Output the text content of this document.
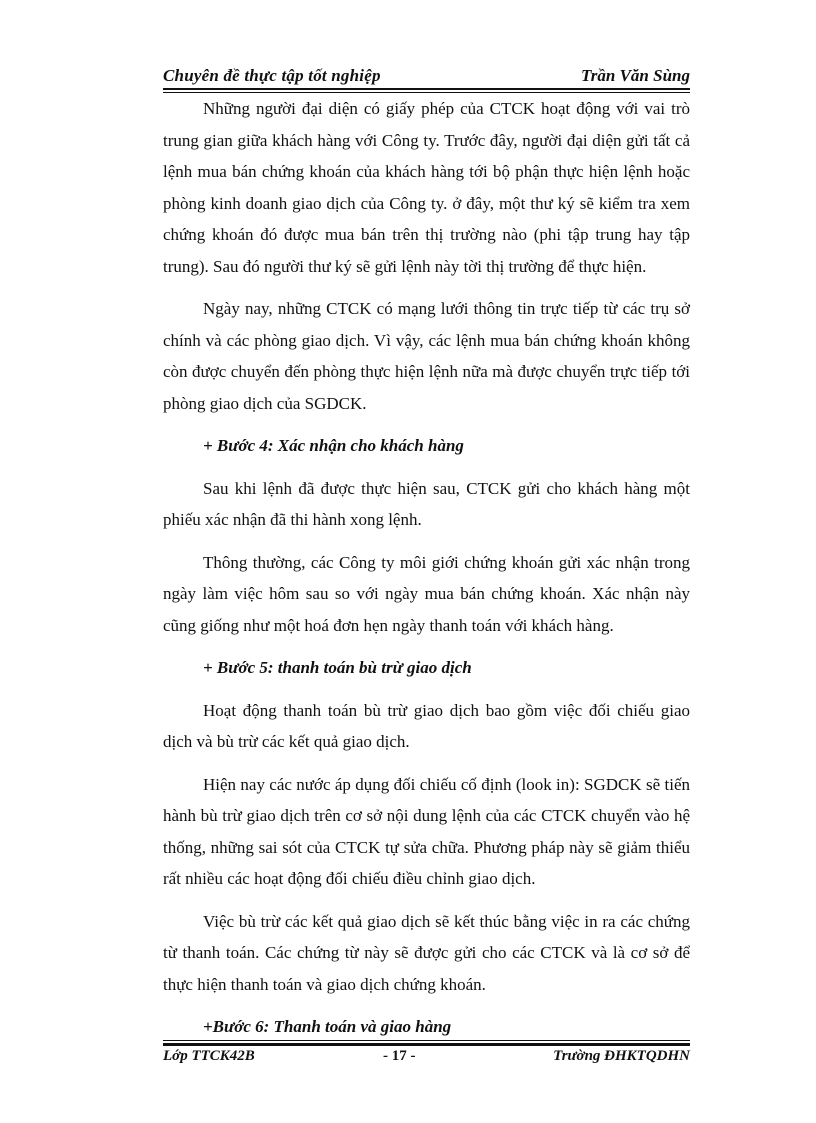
Chuyên đề thực tập tốt nghiệp	Trần Văn Sùng

Những người đại diện có giấy phép của CTCK hoạt động với vai trò trung gian giữa khách hàng với Công ty. Trước đây, người đại diện gửi tất cả lệnh mua bán chứng khoán của khách hàng tới bộ phận thực hiện lệnh hoặc phòng kinh doanh giao dịch của Công ty. ở đây, một thư ký sẽ kiểm tra xem chứng khoán đó được mua bán trên thị trường nào (phi tập trung hay tập trung). Sau đó người thư ký sẽ gửi lệnh này tời thị trường để thực hiện.

Ngày nay, những CTCK có mạng lưới thông tin trực tiếp từ các trụ sở chính và các phòng giao dịch. Vì vậy, các lệnh mua bán chứng khoán không còn được chuyển đến phòng thực hiện lệnh nữa mà được chuyển trực tiếp tới phòng giao dịch của SGDCK.

+ Bước 4: Xác nhận cho khách hàng

Sau khi lệnh đã được thực hiện sau, CTCK gửi cho khách hàng một phiếu xác nhận đã thi hành xong lệnh.

Thông thường, các Công ty môi giới chứng khoán gửi xác nhận trong ngày làm việc hôm sau so với ngày mua bán chứng khoán. Xác nhận này cũng giống như một hoá đơn hẹn ngày thanh toán với khách hàng.

+ Bước 5: thanh toán bù trừ giao dịch

Hoạt động thanh toán bù trừ giao dịch bao gồm việc đối chiếu giao dịch và bù trừ các kết quả giao dịch.

Hiện nay các nước áp dụng đối chiếu cố định (look in): SGDCK sẽ tiến hành bù trừ giao dịch trên cơ sở nội dung lệnh của các CTCK chuyển vào hệ thống, những sai sót của CTCK tự sửa chữa. Phương pháp này sẽ giảm thiểu rất nhiều các hoạt động đối chiếu điều chỉnh giao dịch.

Việc bù trừ các kết quả giao dịch sẽ kết thúc bằng việc in ra các chứng từ thanh toán. Các chứng từ này sẽ được gửi cho các CTCK và là cơ sở để thực hiện thanh toán và giao dịch chứng khoán.

+Bước 6: Thanh toán và giao hàng

Lớp TTCK42B	- 17 -	Trường ĐHKTQDHN
